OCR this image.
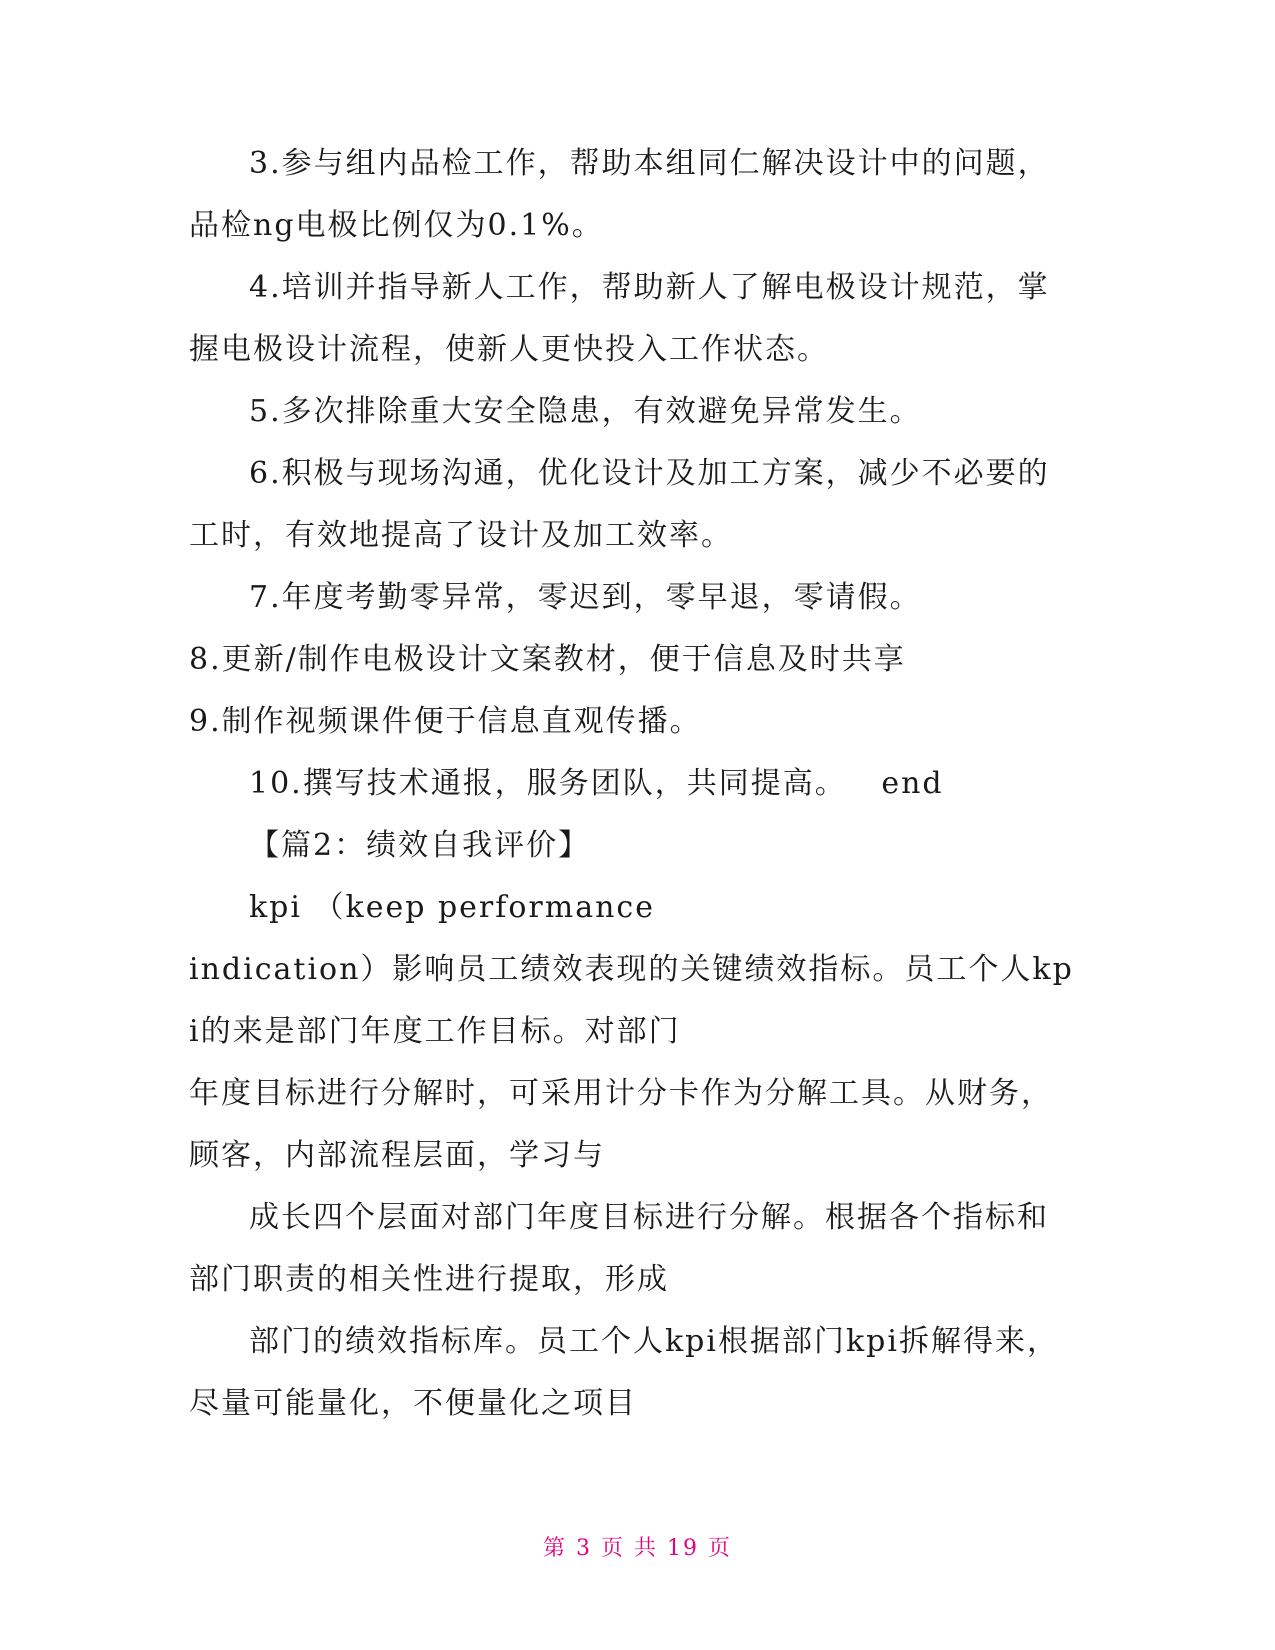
3.参与组内品检工作，帮助本组同仁解决设计中的问题，
品检ng电极比例仅为0.1%。
4.培训并指导新人工作，帮助新人了解电极设计规范，掌
握电极设计流程，使新人更快投入工作状态。
5.多次排除重大安全隐患，有效避免异常发生。
6.积极与现场沟通，优化设计及加工方案，减少不必要的
工时，有效地提高了设计及加工效率。
7.年度考勤零异常，零迟到，零早退，零请假。
8.更新/制作电极设计文案教材，便于信息及时共享
9.制作视频课件便于信息直观传播。
10.撰写技术通报，服务团队，共同提高。   end
【篇2：绩效自我评价】
kpi （keep performance
indication）影响员工绩效表现的关键绩效指标。员工个人kp
i的来是部门年度工作目标。对部门
年度目标进行分解时，可采用计分卡作为分解工具。从财务，
顾客，内部流程层面，学习与
成长四个层面对部门年度目标进行分解。根据各个指标和
部门职责的相关性进行提取，形成
部门的绩效指标库。员工个人kpi根据部门kpi拆解得来，
尽量可能量化，不便量化之项目
第 3 页 共 19 页
